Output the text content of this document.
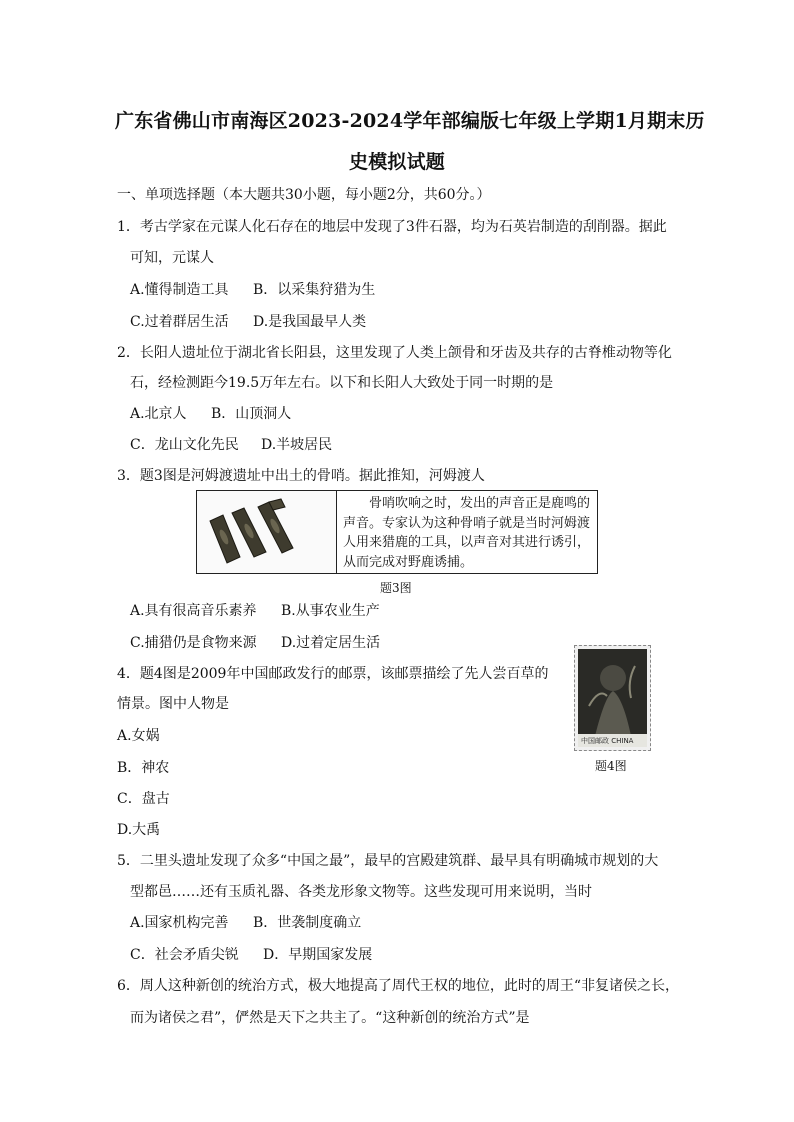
广东省佛山市南海区2023-2024学年部编版七年级上学期1月期末历
史模拟试题
一、单项选择题（本大题共30小题，每小题2分，共60分。）
1．考古学家在元谋人化石存在的地层中发现了3件石器，均为石英岩制造的刮削器。据此
可知，元谋人
A.懂得制造工具 B．以采集狩猎为生
C.过着群居生活 D.是我国最早人类
2．长阳人遗址位于湖北省长阳县，这里发现了人类上颌骨和牙齿及共存的古脊椎动物等化
石，经检测距今19.5万年左右。以下和长阳人大致处于同一时期的是
A.北京人 B．山顶洞人
C．龙山文化先民 D.半坡居民
3．题3图是河姆渡遗址中出土的骨哨。据此推知，河姆渡人
骨哨吹响之时，发出的声音正是鹿鸣的声音。专家认为这种骨哨子就是当时河姆渡人用来猎鹿的工具，以声音对其进行诱引，从而完成对野鹿诱捕。
题3图
A.具有很高音乐素养 B.从事农业生产
C.捕猎仍是食物来源 D.过着定居生活
4．题4图是2009年中国邮政发行的邮票，该邮票描绘了先人尝百草的
情景。图中人物是
A.女娲
B．神农
C．盘古
D.大禹
中国邮政 CHINA
题4图
5．二里头遗址发现了众多“中国之最”，最早的宫殿建筑群、最早具有明确城市规划的大
型都邑……还有玉质礼器、各类龙形象文物等。这些发现可用来说明，当时
A.国家机构完善 B．世袭制度确立
C．社会矛盾尖锐 D．早期国家发展
6．周人这种新创的统治方式，极大地提高了周代王权的地位，此时的周王“非复诸侯之长，
而为诸侯之君”，俨然是天下之共主了。“这种新创的统治方式”是
